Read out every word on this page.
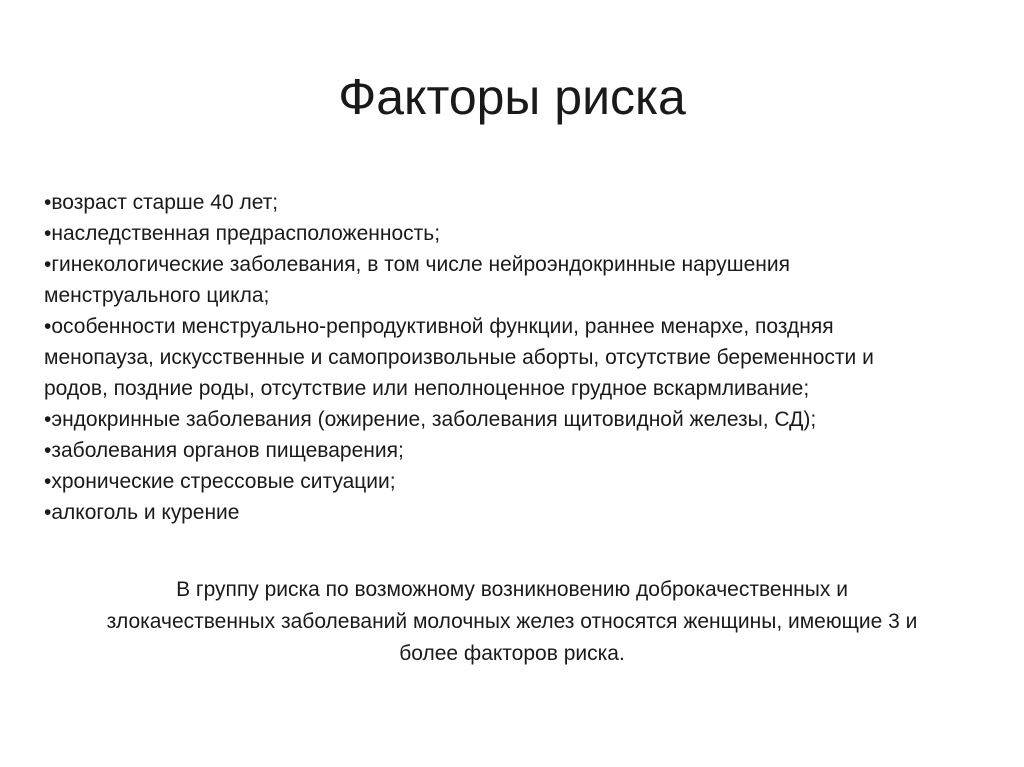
Факторы риска
•возраст старше 40 лет;
•наследственная предрасположенность;
•гинекологические заболевания, в том числе нейроэндокринные нарушения
менструального цикла;
•особенности менструально-репродуктивной функции, раннее менархе, поздняя
менопауза, искусственные и самопроизвольные аборты, отсутствие беременности и
родов, поздние роды, отсутствие или неполноценное грудное вскармливание;
•эндокринные заболевания (ожирение, заболевания щитовидной железы, СД);
•заболевания органов пищеварения;
•хронические стрессовые ситуации;
•алкоголь и курение

В группу риска по возможному возникновению доброкачественных и
злокачественных заболеваний молочных желез относятся женщины, имеющие 3 и
более факторов риска.
